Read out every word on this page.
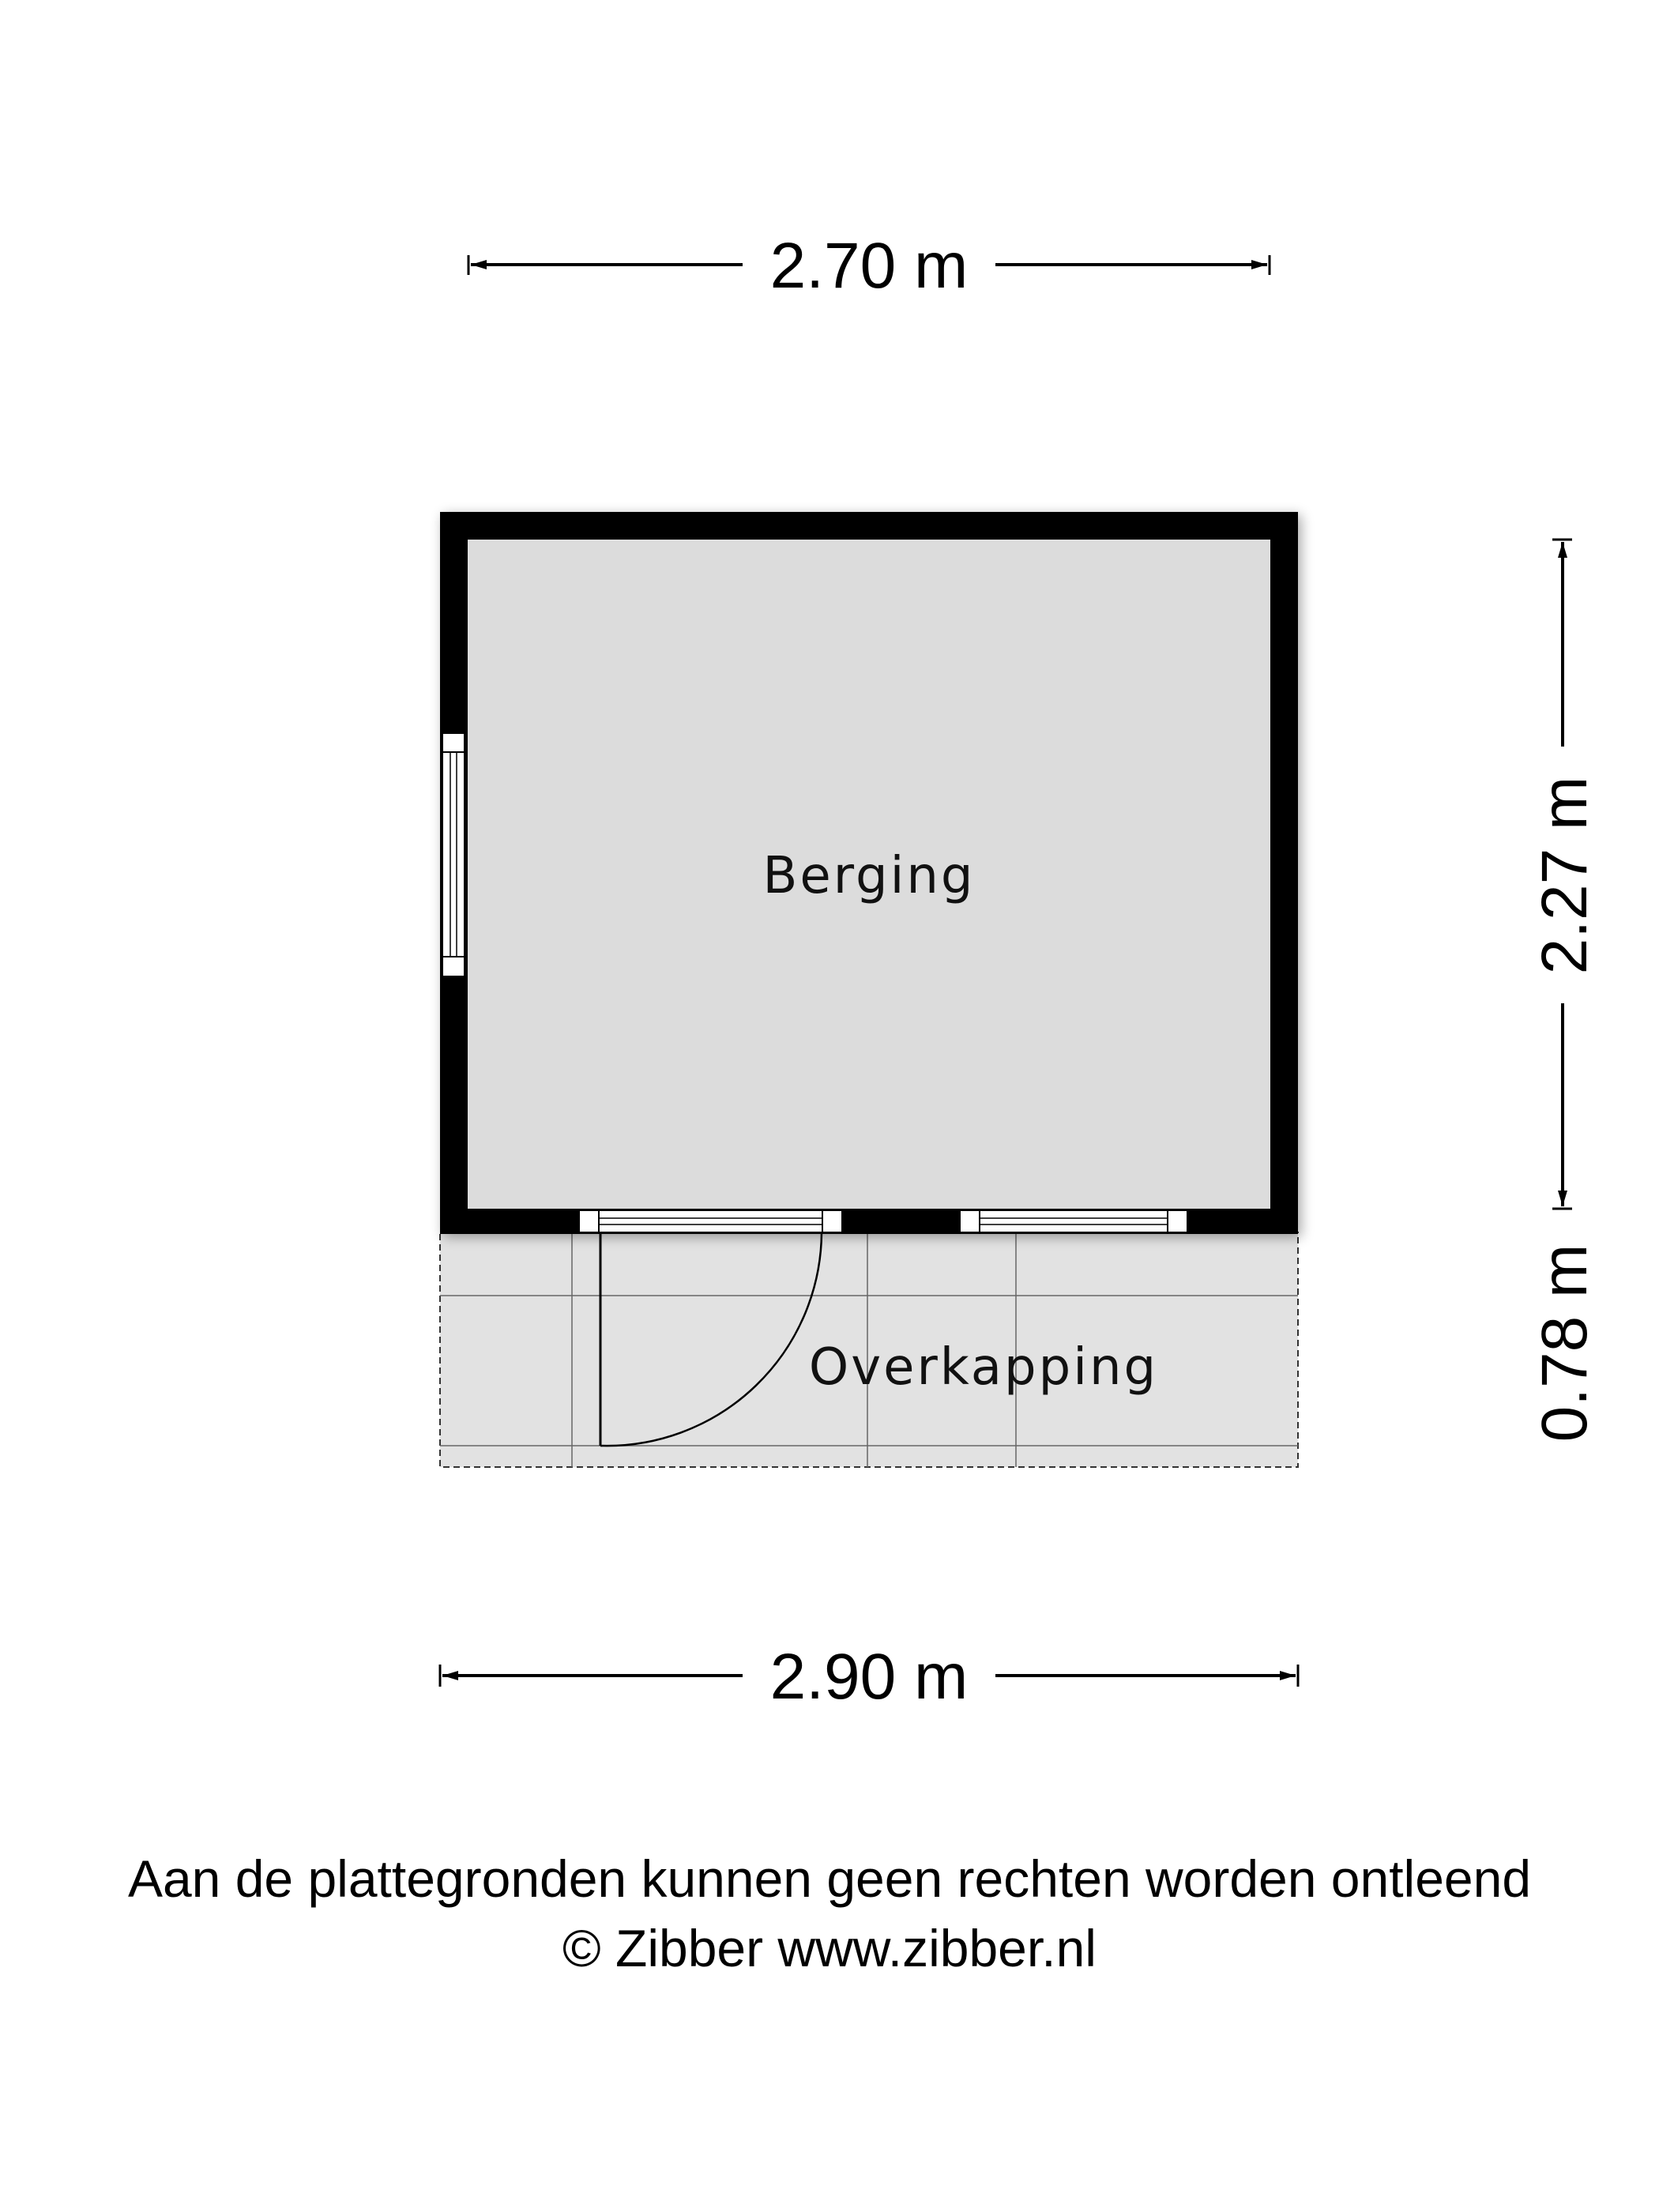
2.70 m
Overkapping
Berging	2.27 m
0.78 m
2.90 m
Aan de plattegronden kunnen geen rechten worden ontleend
© Zibber www.zibber.nl
